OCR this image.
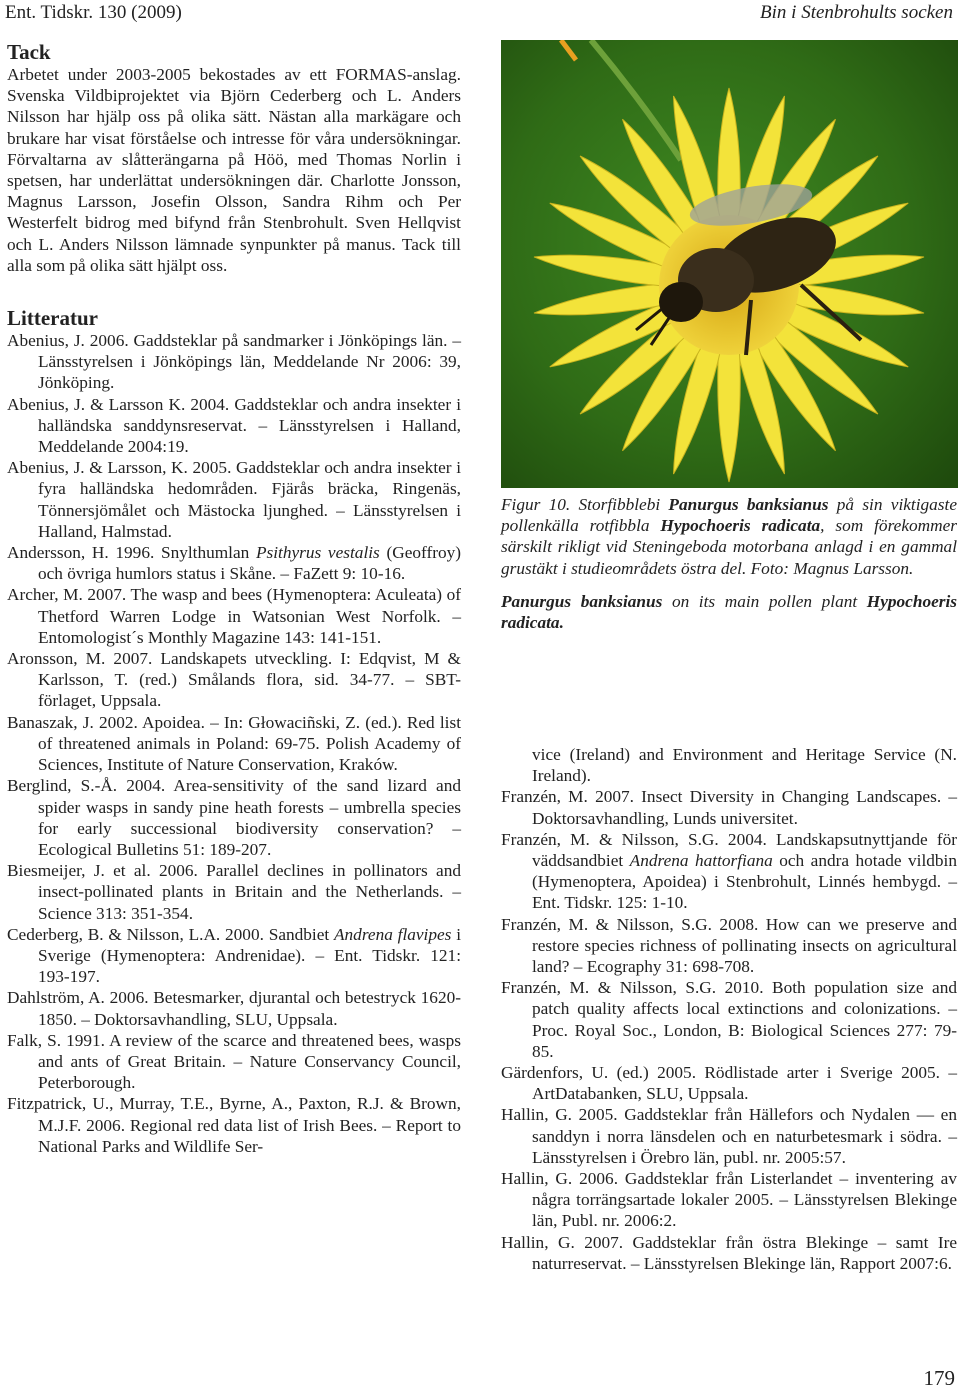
Ent. Tidskr. 130 (2009)	Bin i Stenbrohults socken
Tack

Arbetet under 2003-2005 bekostades av ett FORMAS-anslag. Svenska Vildbiprojektet via Björn Cederberg och L. Anders Nilsson har hjälp oss på olika sätt. Nästan alla markägare och brukare har visat förståelse och intresse för våra undersökningar. Förvaltarna av slåtterängarna på Höö, med Thomas Norlin i spetsen, har underlättat undersökningen där. Charlotte Jonsson, Magnus Larsson, Josefin Olsson, Sandra Rihm och Per Westerfelt bidrog med bifynd från Stenbrohult. Sven Hellqvist och L. Anders Nilsson lämnade synpunkter på manus. Tack till alla som på olika sätt hjälpt oss.

Litteratur

Abenius, J. 2006. Gaddsteklar på sandmarker i Jönköpings län. – Länsstyrelsen i Jönköpings län, Meddelande Nr 2006: 39, Jönköping.

Abenius, J. & Larsson K. 2004. Gaddsteklar och andra insekter i halländska sanddynsreservat. – Länsstyrelsen i Halland, Meddelande 2004:19.

Abenius, J. & Larsson, K. 2005. Gaddsteklar och andra insekter i fyra halländska hedområden. Fjärås bräcka, Ringenäs, Tönnersjömålet och Mästocka ljunghed. – Länsstyrelsen i Halland, Halmstad.

Andersson, H. 1996. Snylthumlan Psithyrus vestalis (Geoffroy) och övriga humlors status i Skåne. – FaZett 9: 10-16.

Archer, M. 2007. The wasp and bees (Hymenoptera: Aculeata) of Thetford Warren Lodge in Watsonian West Norfolk. – Entomologist´s Monthly Magazine 143: 141-151.

Aronsson, M. 2007. Landskapets utveckling. I: Edqvist, M & Karlsson, T. (red.) Smålands flora, sid. 34-77. – SBT-förlaget, Uppsala.

Banaszak, J. 2002. Apoidea. – In: Głowaciñski, Z. (ed.). Red list of threatened animals in Poland: 69-75. Polish Academy of Sciences, Institute of Nature Conservation, Kraków.

Berglind, S.-Å. 2004. Area-sensitivity of the sand lizard and spider wasps in sandy pine heath forests – umbrella species for early successional biodiversity conservation? – Ecological Bulletins 51: 189-207.

Biesmeijer, J. et al. 2006. Parallel declines in pollinators and insect-pollinated plants in Britain and the Netherlands. – Science 313: 351-354.

Cederberg, B. & Nilsson, L.A. 2000. Sandbiet Andrena flavipes i Sverige (Hymenoptera: Andrenidae). – Ent. Tidskr. 121: 193-197.

Dahlström, A. 2006. Betesmarker, djurantal och betestryck 1620-1850. – Doktorsavhandling, SLU, Uppsala.

Falk, S. 1991. A review of the scarce and threatened bees, wasps and ants of Great Britain. – Nature Conservancy Council, Peterborough.

Fitzpatrick, U., Murray, T.E., Byrne, A., Paxton, R.J. & Brown, M.J.F. 2006. Regional red data list of Irish Bees. – Report to National Parks and Wildlife Ser-

Figur 10. Storfibblebi Panurgus banksianus på sin viktigaste pollenkälla rotfibbla Hypochoeris radicata, som förekommer särskilt rikligt vid Steningeboda motorbana anlagd i en gammal grustäkt i studieområdets östra del. Foto: Magnus Larsson.

Panurgus banksianus on its main pollen plant Hypochoeris radicata.

vice (Ireland) and Environment and Heritage Service (N. Ireland).

Franzén, M. 2007. Insect Diversity in Changing Landscapes. – Doktorsavhandling, Lunds universitet.

Franzén, M. & Nilsson, S.G. 2004. Landskapsutnyttjande för väddsandbiet Andrena hattorfiana och andra hotade vildbin (Hymenoptera, Apoidea) i Stenbrohult, Linnés hembygd. – Ent. Tidskr. 125: 1-10.

Franzén, M. & Nilsson, S.G. 2008. How can we preserve and restore species richness of pollinating insects on agricultural land? – Ecography 31: 698-708.

Franzén, M. & Nilsson, S.G. 2010. Both population size and patch quality affects local extinctions and colonizations. – Proc. Royal Soc., London, B: Biological Sciences 277: 79-85.

Gärdenfors, U. (ed.) 2005. Rödlistade arter i Sverige 2005. – ArtDatabanken, SLU, Uppsala.

Hallin, G. 2005. Gaddsteklar från Hällefors och Nydalen — en sanddyn i norra länsdelen och en naturbetesmark i södra. – Länsstyrelsen i Örebro län, publ. nr. 2005:57.

Hallin, G. 2006. Gaddsteklar från Listerlandet – inventering av några torrängsartade lokaler 2005. – Länsstyrelsen Blekinge län, Publ. nr. 2006:2.

Hallin, G. 2007. Gaddsteklar från östra Blekinge – samt Ire naturreservat. – Länsstyrelsen Blekinge län, Rapport 2007:6.

179
